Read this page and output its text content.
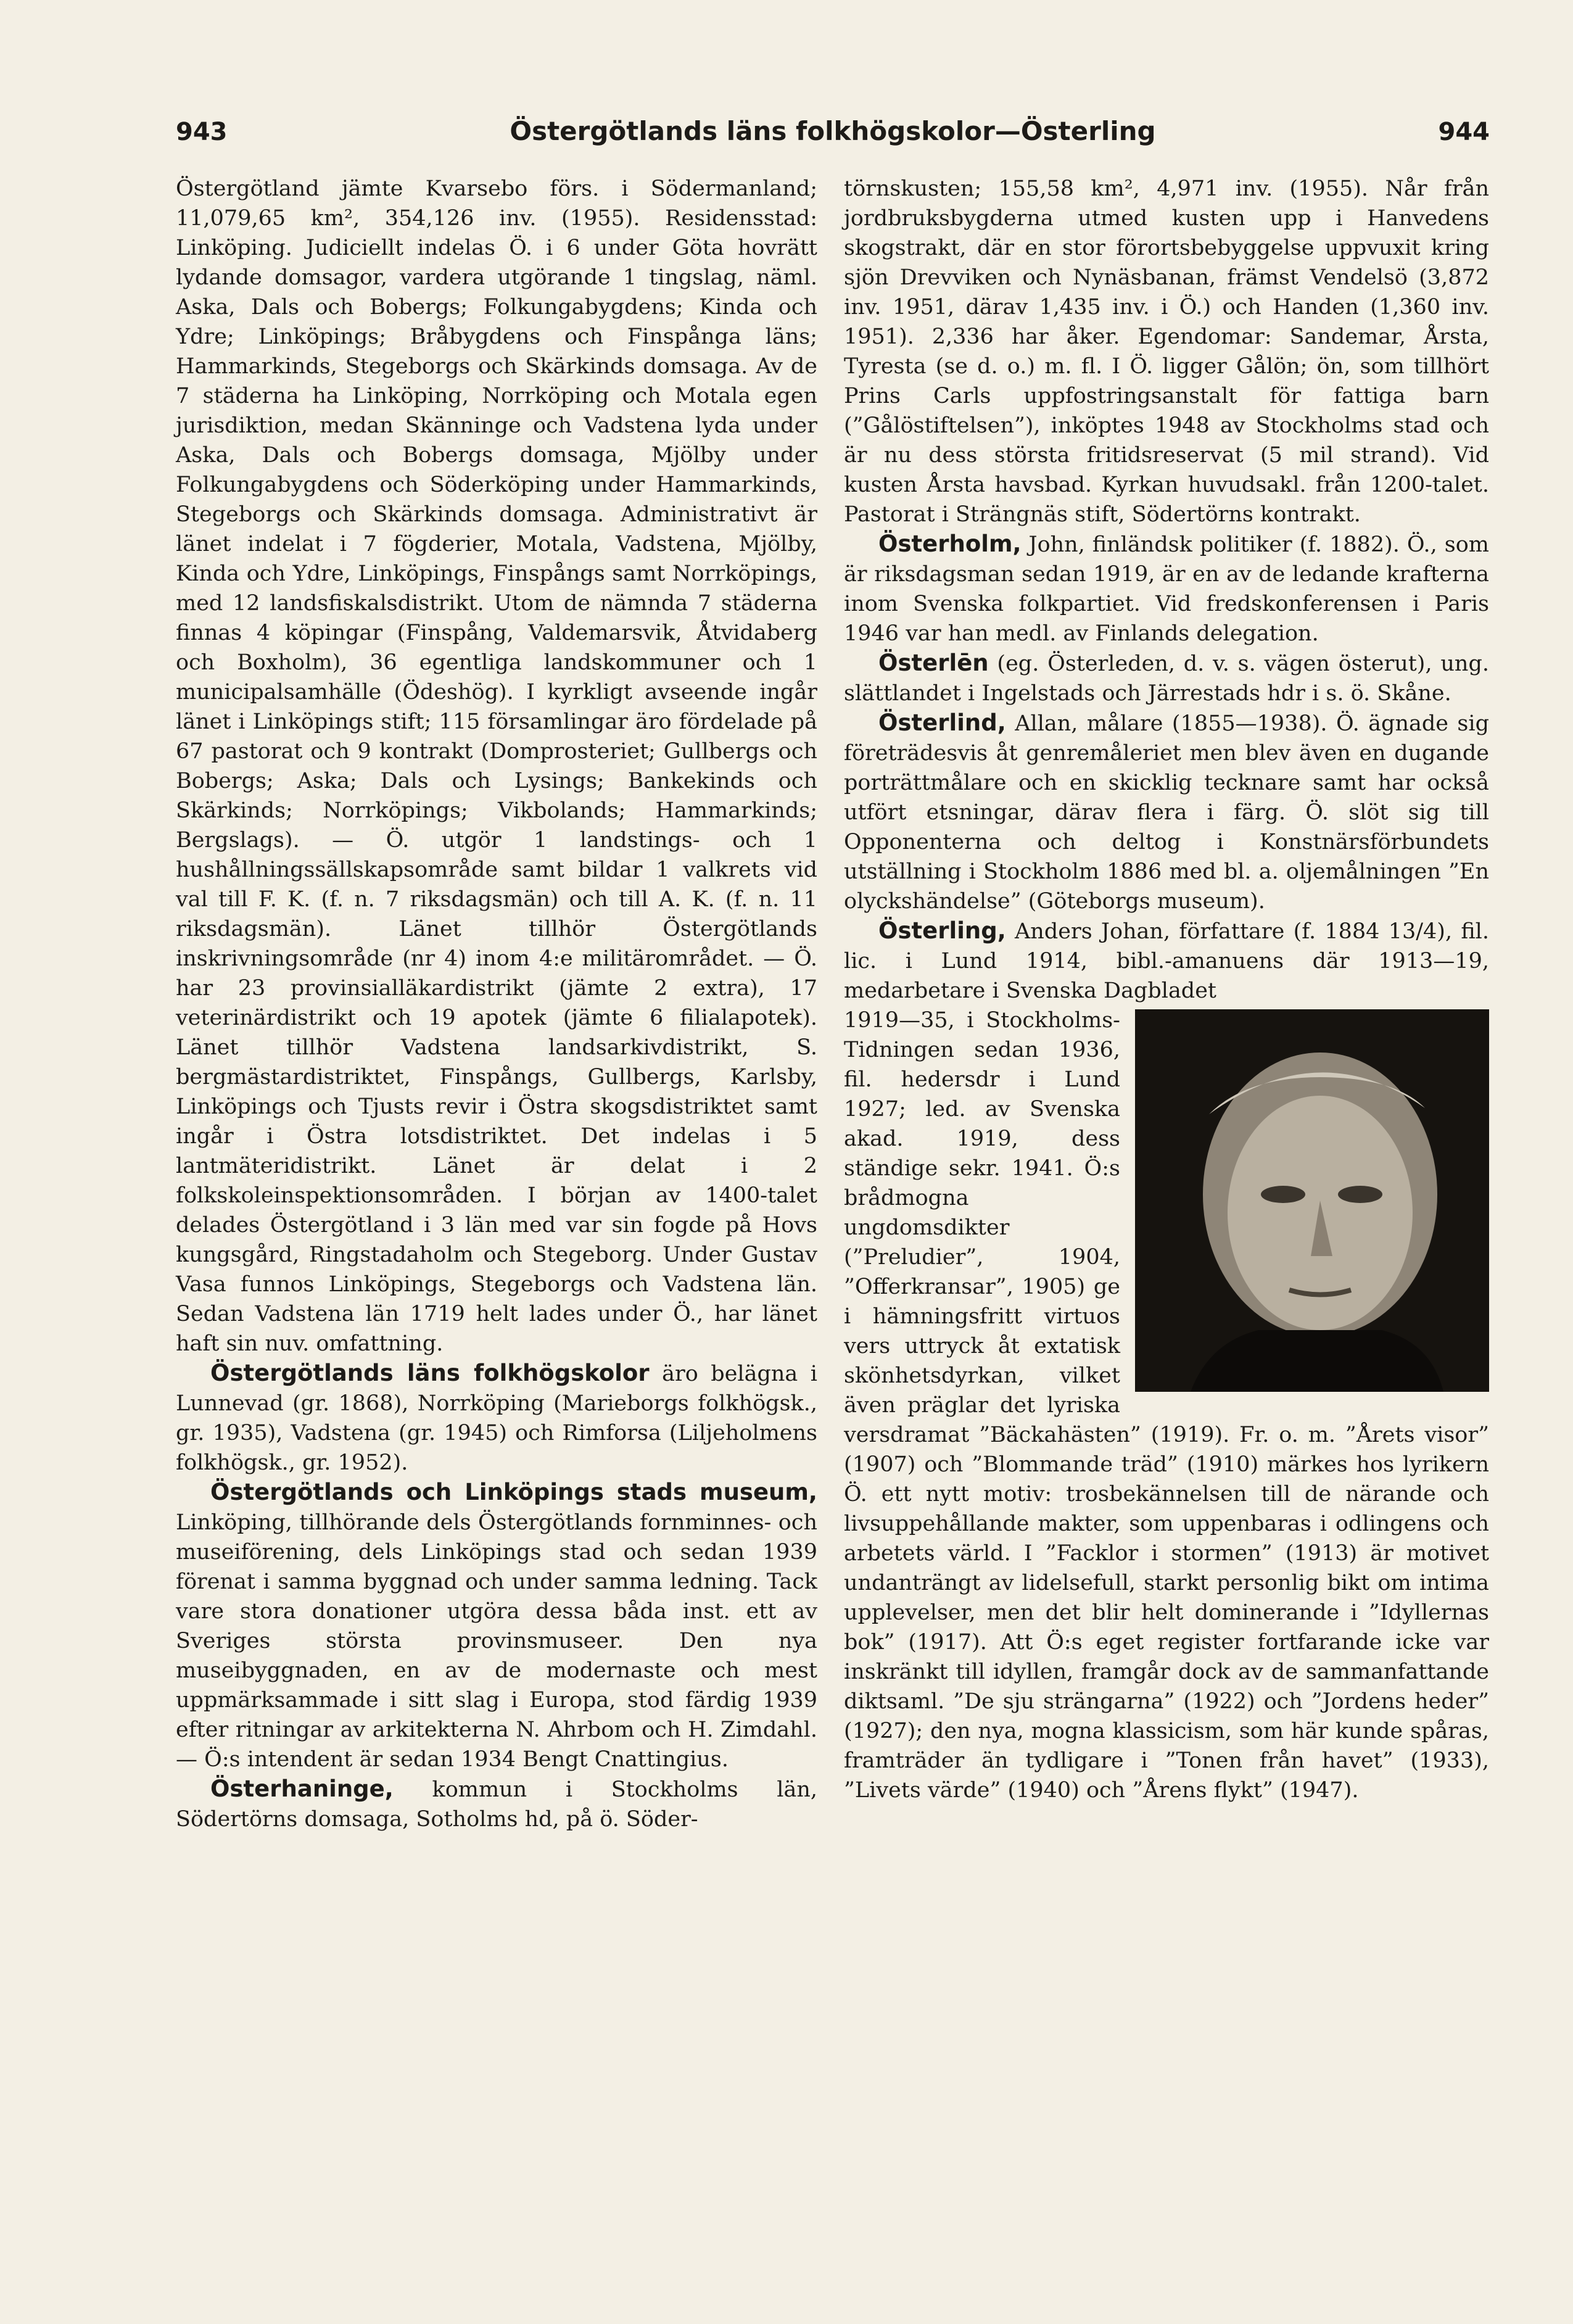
943	Östergötlands läns folkhögskolor—Österling	944

Östergötland jämte Kvarsebo förs. i Södermanland; 11,079,65 km², 354,126 inv. (1955). Residensstad: Linköping. Judiciellt indelas Ö. i 6 under Göta hovrätt lydande domsagor, vardera utgörande 1 tingslag, näml. Aska, Dals och Bobergs; Folkungabygdens; Kinda och Ydre; Linköpings; Bråbygdens och Finspånga läns; Hammarkinds, Stegeborgs och Skärkinds domsaga. Av de 7 städerna ha Linköping, Norrköping och Motala egen jurisdiktion, medan Skänninge och Vadstena lyda under Aska, Dals och Bobergs domsaga, Mjölby under Folkungabygdens och Söderköping under Hammarkinds, Stegeborgs och Skärkinds domsaga. Administrativt är länet indelat i 7 fögderier, Motala, Vadstena, Mjölby, Kinda och Ydre, Linköpings, Finspångs samt Norrköpings, med 12 landsfiskalsdistrikt. Utom de nämnda 7 städerna finnas 4 köpingar (Finspång, Valdemarsvik, Åtvidaberg och Boxholm), 36 egentliga landskommuner och 1 municipalsamhälle (Ödeshög). I kyrkligt avseende ingår länet i Linköpings stift; 115 församlingar äro fördelade på 67 pastorat och 9 kontrakt (Domprosteriet; Gullbergs och Bobergs; Aska; Dals och Lysings; Bankekinds och Skärkinds; Norrköpings; Vikbolands; Hammarkinds; Bergslags). — Ö. utgör 1 landstings- och 1 hushållningssällskapsområde samt bildar 1 valkrets vid val till F. K. (f. n. 7 riksdagsmän) och till A. K. (f. n. 11 riksdagsmän). Länet tillhör Östergötlands inskrivningsområde (nr 4) inom 4:e militärområdet. — Ö. har 23 provinsialläkardistrikt (jämte 2 extra), 17 veterinärdistrikt och 19 apotek (jämte 6 filialapotek). Länet tillhör Vadstena landsarkivdistrikt, S. bergmästardistriktet, Finspångs, Gullbergs, Karlsby, Linköpings och Tjusts revir i Östra skogsdistriktet samt ingår i Östra lotsdistriktet. Det indelas i 5 lantmäteridistrikt. Länet är delat i 2 folkskoleinspektionsområden. I början av 1400-talet delades Östergötland i 3 län med var sin fogde på Hovs kungsgård, Ringstadaholm och Stegeborg. Under Gustav Vasa funnos Linköpings, Stegeborgs och Vadstena län. Sedan Vadstena län 1719 helt lades under Ö., har länet haft sin nuv. omfattning.

Östergötlands läns folkhögskolor äro belägna i Lunnevad (gr. 1868), Norrköping (Marieborgs folkhögsk., gr. 1935), Vadstena (gr. 1945) och Rimforsa (Liljeholmens folkhögsk., gr. 1952).

Östergötlands och Linköpings stads museum, Linköping, tillhörande dels Östergötlands fornminnes- och museiförening, dels Linköpings stad och sedan 1939 förenat i samma byggnad och under samma ledning. Tack vare stora donationer utgöra dessa båda inst. ett av Sveriges största provinsmuseer. Den nya museibyggnaden, en av de modernaste och mest uppmärksammade i sitt slag i Europa, stod färdig 1939 efter ritningar av arkitekterna N. Ahrbom och H. Zimdahl. — Ö:s intendent är sedan 1934 Bengt Cnattingius.

Österhaninge, kommun i Stockholms län, Södertörns domsaga, Sotholms hd, på ö. Söder-

törnskusten; 155,58 km², 4,971 inv. (1955). Når från jordbruksbygderna utmed kusten upp i Hanvedens skogstrakt, där en stor förortsbebyggelse uppvuxit kring sjön Drevviken och Nynäsbanan, främst Vendelsö (3,872 inv. 1951, därav 1,435 inv. i Ö.) och Handen (1,360 inv. 1951). 2,336 har åker. Egendomar: Sandemar, Årsta, Tyresta (se d. o.) m. fl. I Ö. ligger Gålön; ön, som tillhört Prins Carls uppfostringsanstalt för fattiga barn (”Gålöstiftelsen”), inköptes 1948 av Stockholms stad och är nu dess största fritidsreservat (5 mil strand). Vid kusten Årsta havsbad. Kyrkan huvudsakl. från 1200-talet. Pastorat i Strängnäs stift, Södertörns kontrakt.

Österholm, John, finländsk politiker (f. 1882). Ö., som är riksdagsman sedan 1919, är en av de ledande krafterna inom Svenska folkpartiet. Vid fredskonferensen i Paris 1946 var han medl. av Finlands delegation.

Österlēn (eg. Österleden, d. v. s. vägen österut), ung. slättlandet i Ingelstads och Järrestads hdr i s. ö. Skåne.

Österlind, Allan, målare (1855—1938). Ö. ägnade sig företrädesvis åt genremåleriet men blev även en dugande porträttmålare och en skicklig tecknare samt har också utfört etsningar, därav flera i färg. Ö. slöt sig till Opponenterna och deltog i Konstnärsförbundets utställning i Stockholm 1886 med bl. a. oljemålningen ”En olyckshändelse” (Göteborgs museum).

Österling, Anders Johan, författare (f. 1884 13/4), fil. lic. i Lund 1914, bibl.-amanuens där 1913—19, medarbetare i Svenska Dagbladet

1919—35, i Stockholms-Tidningen sedan 1936, fil. hedersdr i Lund 1927; led. av Svenska akad. 1919, dess ständige sekr. 1941. Ö:s brådmogna ungdomsdikter (”Preludier”, 1904, ”Offerkransar”, 1905) ge i hämningsfritt virtuos vers uttryck åt extatisk skönhetsdyrkan, vilket även präglar det lyriska versdramat ”Bäckahästen” (1919). Fr. o. m. ”Årets visor” (1907) och ”Blommande träd” (1910) märkes hos lyrikern Ö. ett nytt motiv: trosbekännelsen till de närande och livsuppehållande makter, som uppenbaras i odlingens och arbetets värld. I ”Facklor i stormen” (1913) är motivet undanträngt av lidelsefull, starkt personlig bikt om intima upplevelser, men det blir helt dominerande i ”Idyllernas bok” (1917). Att Ö:s eget register fortfarande icke var inskränkt till idyllen, framgår dock av de sammanfattande diktsaml. ”De sju strängarna” (1922) och ”Jordens heder” (1927); den nya, mogna klassicism, som här kunde spåras, framträder än tydligare i ”Tonen från havet” (1933), ”Livets värde” (1940) och ”Årens flykt” (1947).
